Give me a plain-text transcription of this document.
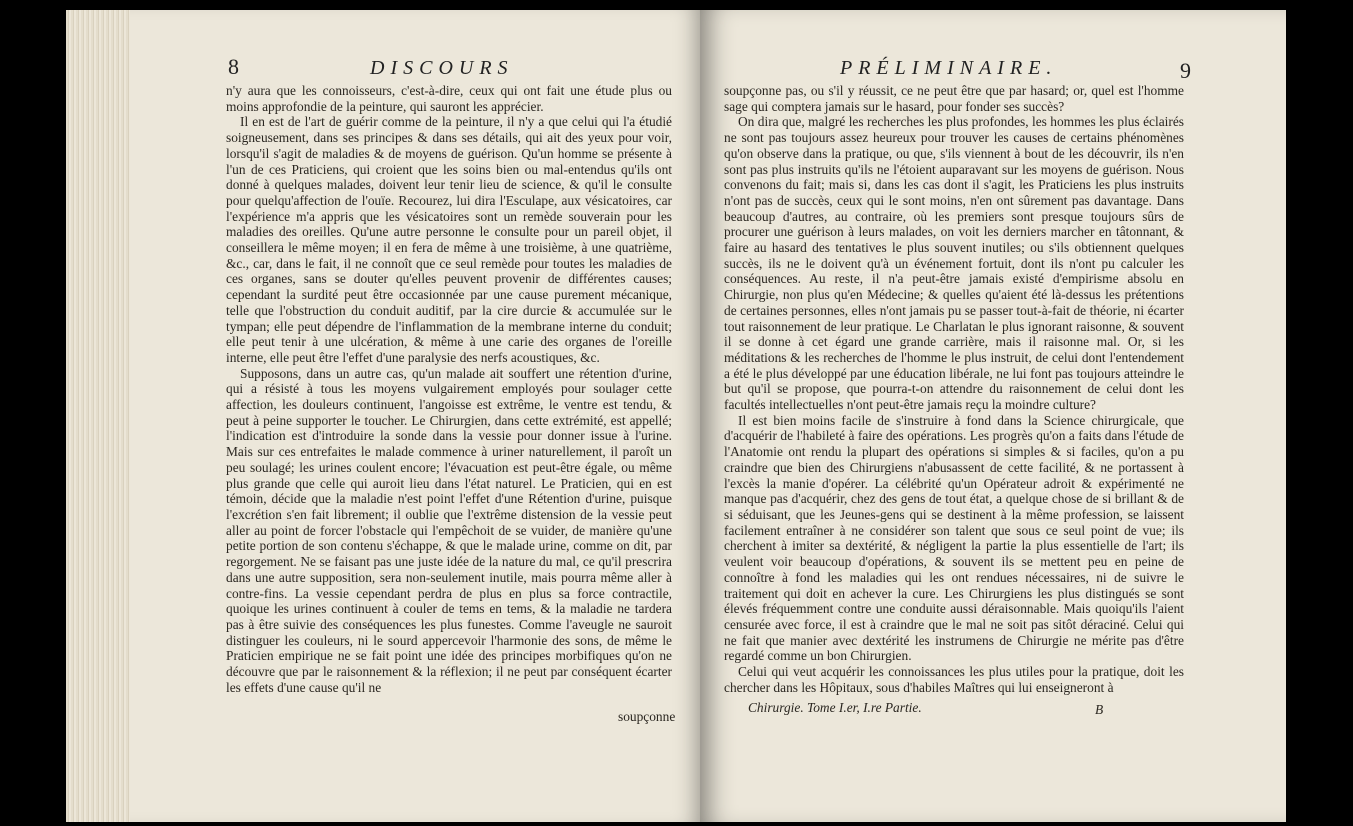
8	DISCOURS

n'y aura que les connoisseurs, c'est-à-dire, ceux qui ont fait une étude plus ou moins approfondie de la peinture, qui sauront les apprécier.

Il en est de l'art de guérir comme de la peinture, il n'y a que celui qui l'a étudié soigneusement, dans ses principes & dans ses détails, qui ait des yeux pour voir, lorsqu'il s'agit de maladies & de moyens de guérison. Qu'un homme se présente à l'un de ces Praticiens, qui croient que les soins bien ou mal-entendus qu'ils ont donné à quelques malades, doivent leur tenir lieu de science, & qu'il le consulte pour quelqu'affection de l'ouïe. Recourez, lui dira l'Esculape, aux vésicatoires, car l'expérience m'a appris que les vésicatoires sont un remède souverain pour les maladies des oreilles. Qu'une autre personne le consulte pour un pareil objet, il conseillera le même moyen; il en fera de même à une troisième, à une quatrième, &c., car, dans le fait, il ne connoît que ce seul remède pour toutes les maladies de ces organes, sans se douter qu'elles peuvent provenir de différentes causes; cependant la surdité peut être occasionnée par une cause purement mécanique, telle que l'obstruction du conduit auditif, par la cire durcie & accumulée sur le tympan; elle peut dépendre de l'inflammation de la membrane interne du conduit; elle peut tenir à une ulcération, & même à une carie des organes de l'oreille interne, elle peut être l'effet d'une paralysie des nerfs acoustiques, &c.

Supposons, dans un autre cas, qu'un malade ait souffert une rétention d'urine, qui a résisté à tous les moyens vulgairement employés pour soulager cette affection, les douleurs continuent, l'angoisse est extrême, le ventre est tendu, & peut à peine supporter le toucher. Le Chirurgien, dans cette extrémité, est appellé; l'indication est d'introduire la sonde dans la vessie pour donner issue à l'urine. Mais sur ces entrefaites le malade commence à uriner naturellement, il paroît un peu soulagé; les urines coulent encore; l'évacuation est peut-être égale, ou même plus grande que celle qui auroit lieu dans l'état naturel. Le Praticien, qui en est témoin, décide que la maladie n'est point l'effet d'une Rétention d'urine, puisque l'excrétion s'en fait librement; il oublie que l'extrême distension de la vessie peut aller au point de forcer l'obstacle qui l'empêchoit de se vuider, de manière qu'une petite portion de son contenu s'échappe, & que le malade urine, comme on dit, par regorgement. Ne se faisant pas une juste idée de la nature du mal, ce qu'il prescrira dans une autre supposition, sera non-seulement inutile, mais pourra même aller à contre-fins. La vessie cependant perdra de plus en plus sa force contractile, quoique les urines continuent à couler de tems en tems, & la maladie ne tardera pas à être suivie des conséquences les plus funestes. Comme l'aveugle ne sauroit distinguer les couleurs, ni le sourd appercevoir l'harmonie des sons, de même le Praticien empirique ne se fait point une idée des principes morbifiques qu'on ne découvre que par le raisonnement & la réflexion; il ne peut par conséquent écarter les effets d'une cause qu'il ne

soupçonne
PRÉLIMINAIRE.	9

soupçonne pas, ou s'il y réussit, ce ne peut être que par hasard; or, quel est l'homme sage qui comptera jamais sur le hasard, pour fonder ses succès?

On dira que, malgré les recherches les plus profondes, les hommes les plus éclairés ne sont pas toujours assez heureux pour trouver les causes de certains phénomènes qu'on observe dans la pratique, ou que, s'ils viennent à bout de les découvrir, ils n'en sont pas plus instruits qu'ils ne l'étoient auparavant sur les moyens de guérison. Nous convenons du fait; mais si, dans les cas dont il s'agit, les Praticiens les plus instruits n'ont pas de succès, ceux qui le sont moins, n'en ont sûrement pas davantage. Dans beaucoup d'autres, au contraire, où les premiers sont presque toujours sûrs de procurer une guérison à leurs malades, on voit les derniers marcher en tâtonnant, & faire au hasard des tentatives le plus souvent inutiles; ou s'ils obtiennent quelques succès, ils ne le doivent qu'à un événement fortuit, dont ils n'ont pu calculer les conséquences. Au reste, il n'a peut-être jamais existé d'empirisme absolu en Chirurgie, non plus qu'en Médecine; & quelles qu'aient été là-dessus les prétentions de certaines personnes, elles n'ont jamais pu se passer tout-à-fait de théorie, ni écarter tout raisonnement de leur pratique. Le Charlatan le plus ignorant raisonne, & souvent il se donne à cet égard une grande carrière, mais il raisonne mal. Or, si les méditations & les recherches de l'homme le plus instruit, de celui dont l'entendement a été le plus développé par une éducation libérale, ne lui font pas toujours atteindre le but qu'il se propose, que pourra-t-on attendre du raisonnement de celui dont les facultés intellectuelles n'ont peut-être jamais reçu la moindre culture?

Il est bien moins facile de s'instruire à fond dans la Science chirurgicale, que d'acquérir de l'habileté à faire des opérations. Les progrès qu'on a faits dans l'étude de l'Anatomie ont rendu la plupart des opérations si simples & si faciles, qu'on a pu craindre que bien des Chirurgiens n'abusassent de cette facilité, & ne portassent à l'excès la manie d'opérer. La célébrité qu'un Opérateur adroit & expérimenté ne manque pas d'acquérir, chez des gens de tout état, a quelque chose de si brillant & de si séduisant, que les Jeunes-gens qui se destinent à la même profession, se laissent facilement entraîner à ne considérer son talent que sous ce seul point de vue; ils cherchent à imiter sa dextérité, & négligent la partie la plus essentielle de l'art; ils veulent voir beaucoup d'opérations, & souvent ils se mettent peu en peine de connoître à fond les maladies qui les ont rendues nécessaires, ni de suivre le traitement qui doit en achever la cure. Les Chirurgiens les plus distingués se sont élevés fréquemment contre une conduite aussi déraisonnable. Mais quoiqu'ils l'aient censurée avec force, il est à craindre que le mal ne soit pas sitôt déraciné. Celui qui ne fait que manier avec dextérité les instrumens de Chirurgie ne mérite pas d'être regardé comme un bon Chirurgien.

Celui qui veut acquérir les connoissances les plus utiles pour la pratique, doit les chercher dans les Hôpitaux, sous d'habiles Maîtres qui lui enseigneront à

Chirurgie. Tome I.er, I.re Partie.	B
